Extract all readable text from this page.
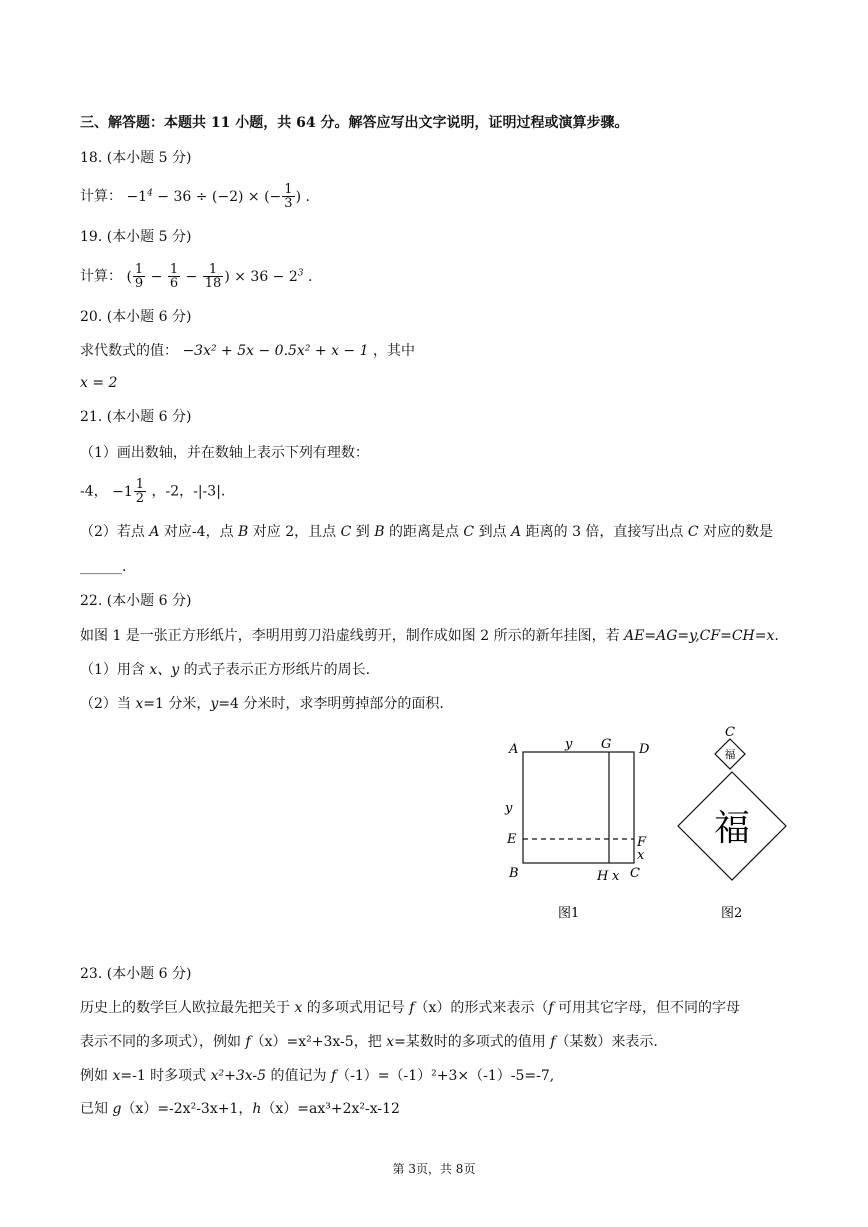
三、解答题：本题共 11 小题，共 64 分。解答应写出文字说明，证明过程或演算步骤。
18. (本小题 5 分)
计算： $-1^4 - 36 \div (-2)$ × (− $\frac{1}{3}$ ) .
19. (本小题 5 分)
计算： ( $\frac{1}{9} - \frac{1}{6} - \frac{1}{18}$ ) × $36 - 2^3$ .
20. (本小题 6 分)
求代数式的值： −3x² + 5x − 0.5x² + x − 1 ，其中
x = 2
21. (本小题 6 分)
（1）画出数轴，并在数轴上表示下列有理数：
-4， $-1 \frac{1}{2}$ ，-2，-|-3|.
（2）若点 A 对应-4，点 B 对应 2，且点 C 到 B 的距离是点 C 到点 A 距离的 3 倍，直接写出点 C 对应的数是
______.
22. (本小题 6 分)
如图 1 是一张正方形纸片，李明用剪刀沿虚线剪开，制作成如图 2 所示的新年挂图，若 AE=AG=y,CF=CH=x.
（1）用含 x、y 的式子表示正方形纸片的周长.
（2）当 x=1 分米，y=4 分米时，求李明剪掉部分的面积.
A	y G D
y
E	F
x
B	H x C
C
福
福
图1	图2
23. (本小题 6 分)
历史上的数学巨人欧拉最先把关于 x 的多项式用记号 f（x）的形式来表示（f 可用其它字母，但不同的字母
表示不同的多项式），例如 f（x）=x²+3x-5，把 x=某数时的多项式的值用 f（某数）来表示.
例如 x=-1 时多项式 x²+3x-5 的值记为 f（-1）=（-1）²+3×（-1）-5=-7,
已知 g（x）=-2x²-3x+1，h（x）=ax³+2x²-x-12
第 3页，共 8页
